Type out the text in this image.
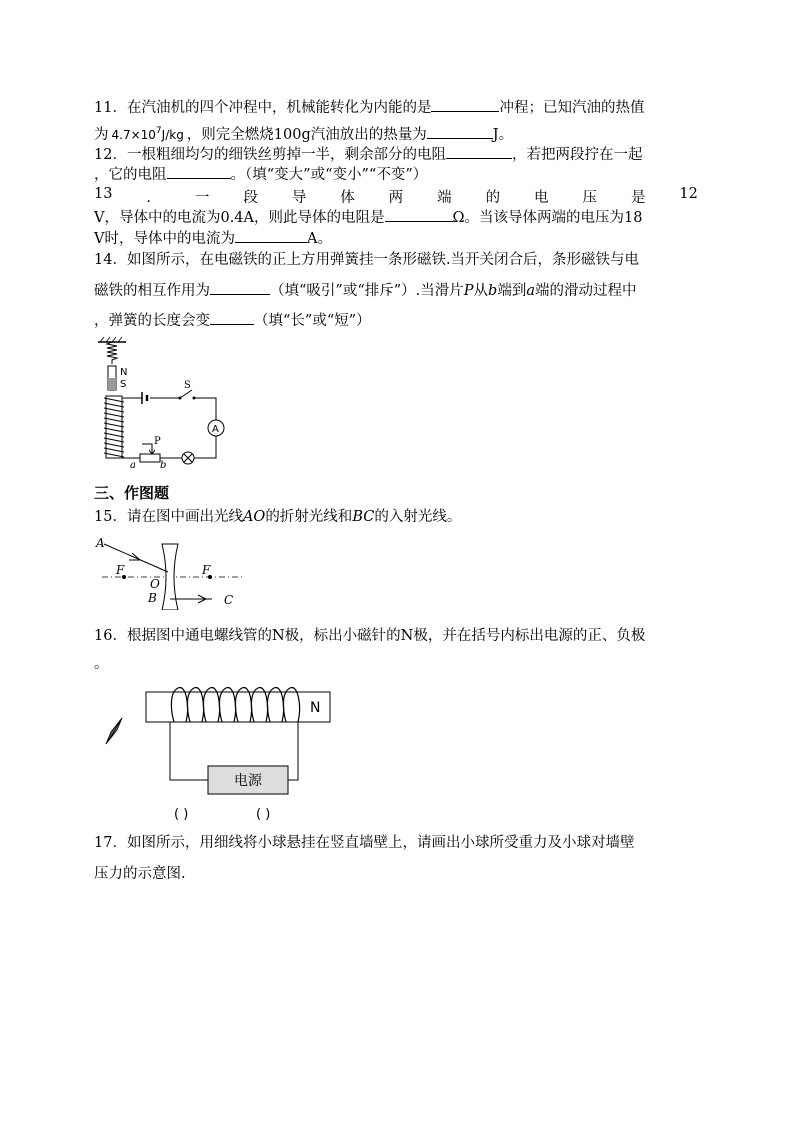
11．在汽油机的四个冲程中，机械能转化为内能的是	冲程；已知汽油的热值
为 $4.7\times 10^7J/kg$ ，则完全燃烧100g汽油放出的热量为	J。
12．一根粗细均匀的细铁丝剪掉一半，剩余部分的电阻	，若把两段拧在一起
，它的电阻	。（填“变大”或“变小”“不变”）
13 ． 一 段 导 体 两 端 的 电 压 是 12
V，导体中的电流为0.4A，则此导体的电阻是	Ω。当该导体两端的电压为18
V时，导体中的电流为	A。
14．如图所示，在电磁铁的正上方用弹簧挂一条形磁铁.当开关闭合后，条形磁铁与电
磁铁的相互作用为	（填“吸引”或“排斥”）.当滑片P从b端到a端的滑动过程中
，弹簧的长度会变	（填“长”或“短”）
N
S	S
A
P
a b
三、作图题
15．请在图中画出光线AO的折射光线和BC的入射光线。
A
F	F
O
B	C
16．根据图中通电螺线管的N极，标出小磁针的N极，并在括号内标出电源的正、负极
。
N
电源
( )	( )
17．如图所示，用细线将小球悬挂在竖直墙壁上，请画出小球所受重力及小球对墙壁
压力的示意图.
